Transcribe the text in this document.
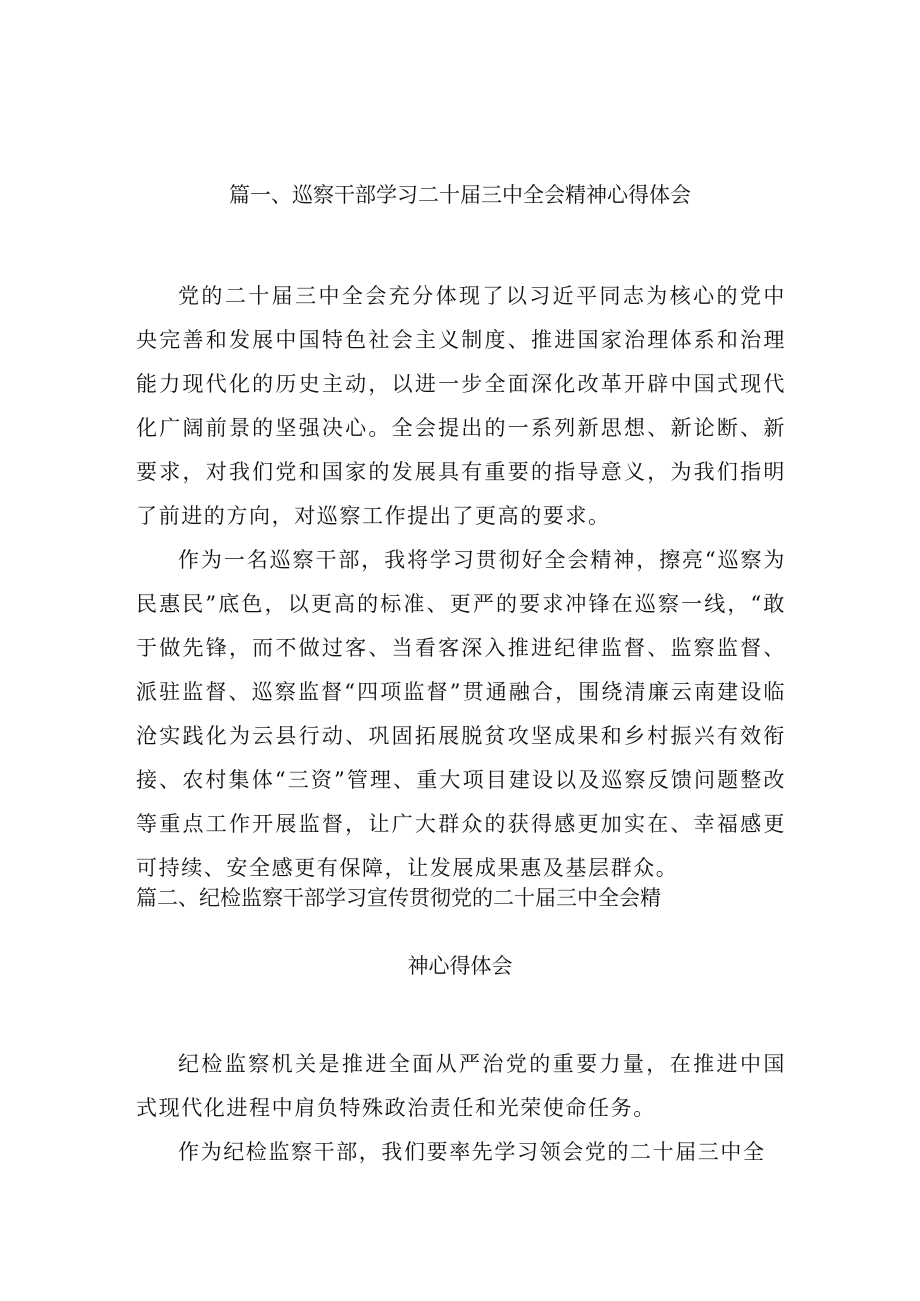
篇一、巡察干部学习二十届三中全会精神心得体会

党的二十届三中全会充分体现了以习近平同志为核心的党中央完善和发展中国特色社会主义制度、推进国家治理体系和治理能力现代化的历史主动，以进一步全面深化改革开辟中国式现代化广阔前景的坚强决心。全会提出的一系列新思想、新论断、新要求，对我们党和国家的发展具有重要的指导意义，为我们指明了前进的方向，对巡察工作提出了更高的要求。

作为一名巡察干部，我将学习贯彻好全会精神，擦亮“巡察为民惠民”底色，以更高的标准、更严的要求冲锋在巡察一线，“敢于做先锋，而不做过客、当看客深入推进纪律监督、监察监督、派驻监督、巡察监督“四项监督”贯通融合，围绕清廉云南建设临沧实践化为云县行动、巩固拓展脱贫攻坚成果和乡村振兴有效衔接、农村集体“三资”管理、重大项目建设以及巡察反馈问题整改等重点工作开展监督，让广大群众的获得感更加实在、幸福感更可持续、安全感更有保障，让发展成果惠及基层群众。

篇二、纪检监察干部学习宣传贯彻党的二十届三中全会精
神心得体会

纪检监察机关是推进全面从严治党的重要力量，在推进中国式现代化进程中肩负特殊政治责任和光荣使命任务。

作为纪检监察干部，我们要率先学习领会党的二十届三中全
